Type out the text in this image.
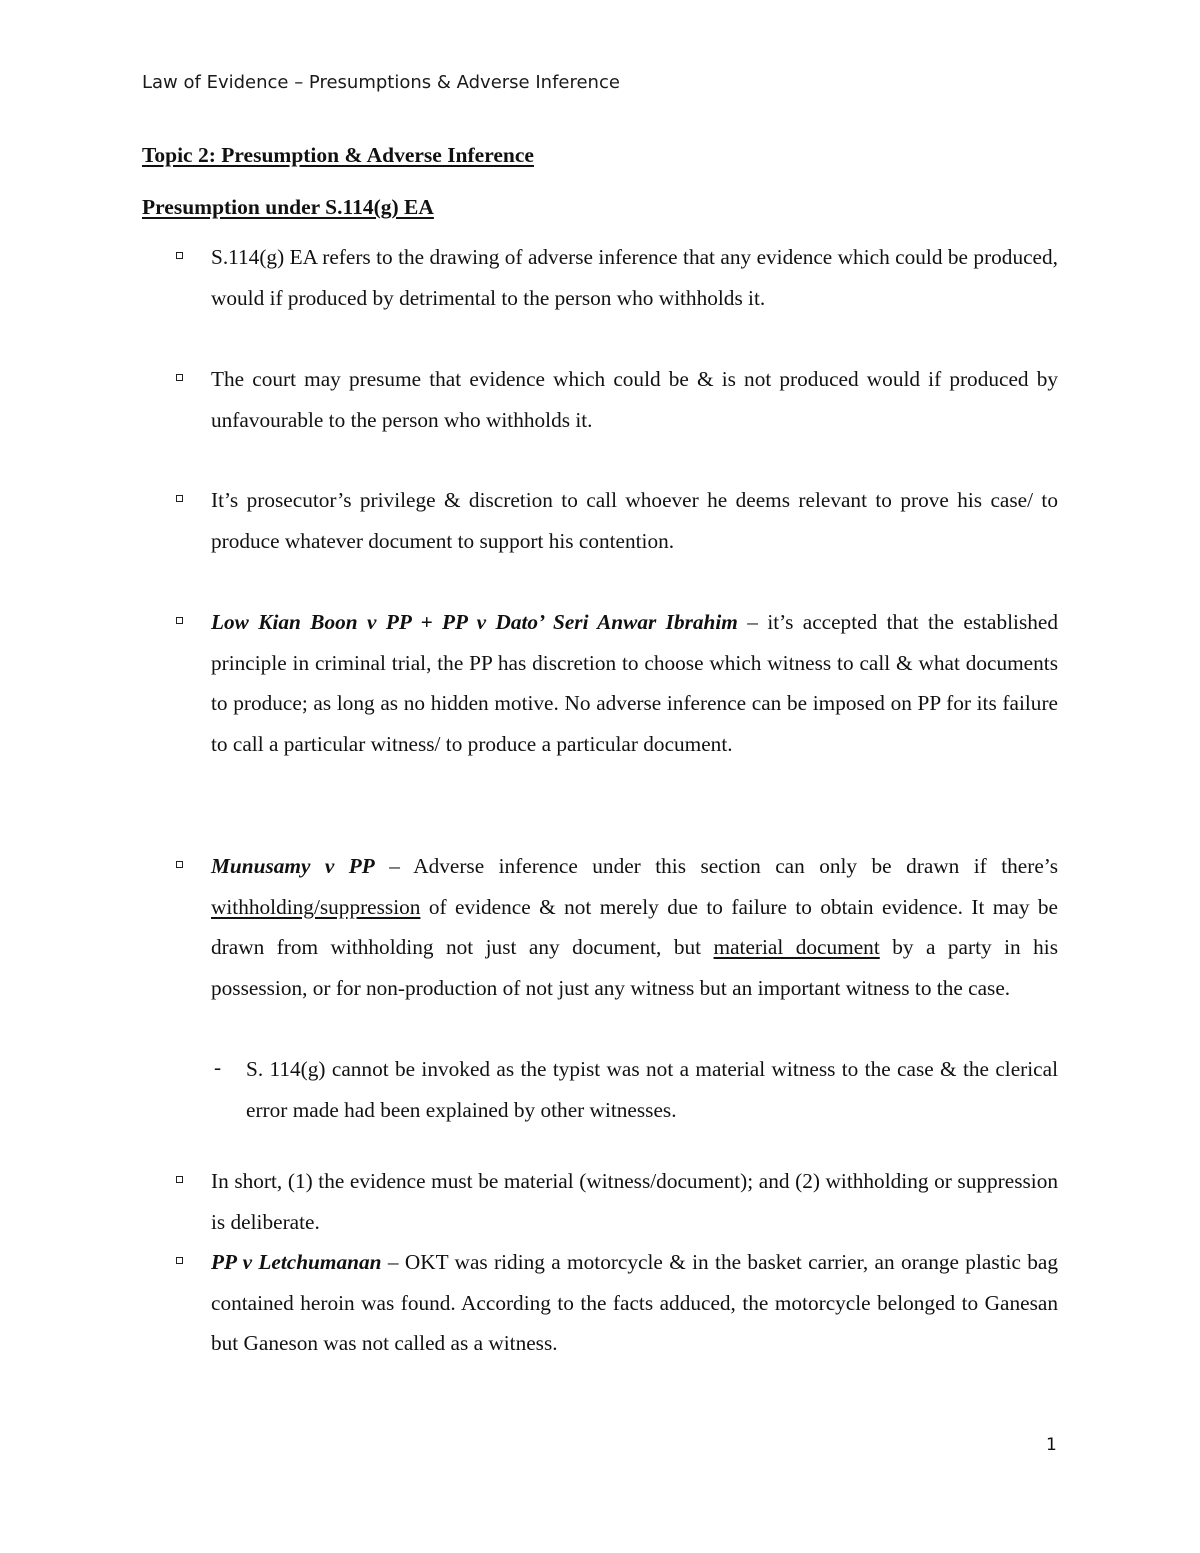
Law of Evidence – Presumptions & Adverse Inference
Topic 2: Presumption & Adverse Inference
Presumption under S.114(g) EA
S.114(g) EA refers to the drawing of adverse inference that any evidence which could be produced, would if produced by detrimental to the person who withholds it.
The court may presume that evidence which could be & is not produced would if produced by unfavourable to the person who withholds it.
It’s prosecutor’s privilege & discretion to call whoever he deems relevant to prove his case/ to produce whatever document to support his contention.
Low Kian Boon v PP + PP v Dato’ Seri Anwar Ibrahim – it’s accepted that the established principle in criminal trial, the PP has discretion to choose which witness to call & what documents to produce; as long as no hidden motive. No adverse inference can be imposed on PP for its failure to call a particular witness/ to produce a particular document.
Munusamy v PP – Adverse inference under this section can only be drawn if there’s withholding/suppression of evidence & not merely due to failure to obtain evidence. It may be drawn from withholding not just any document, but material document by a party in his possession, or for non-production of not just any witness but an important witness to the case.
- S. 114(g) cannot be invoked as the typist was not a material witness to the case & the clerical error made had been explained by other witnesses.
In short, (1) the evidence must be material (witness/document); and (2) withholding or suppression is deliberate.
PP v Letchumanan – OKT was riding a motorcycle & in the basket carrier, an orange plastic bag contained heroin was found. According to the facts adduced, the motorcycle belonged to Ganesan but Ganeson was not called as a witness.
1
